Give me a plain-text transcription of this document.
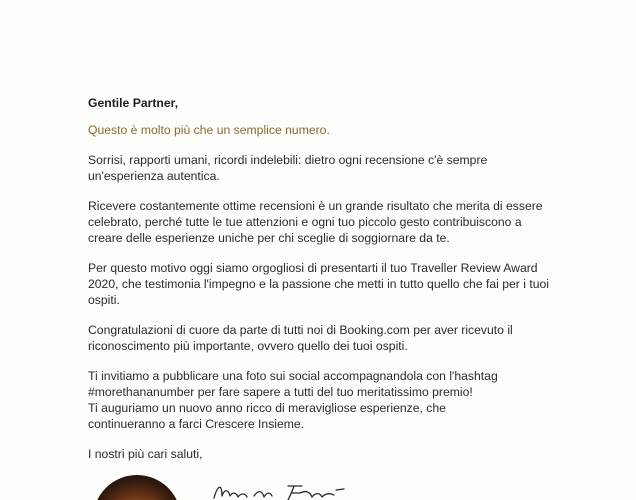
Gentile Partner,

Questo è molto più che un semplice numero.

Sorrisi, rapporti umani, ricordi indelebili: dietro ogni recensione c'è sempre un'esperienza autentica.

Ricevere costantemente ottime recensioni è un grande risultato che merita di essere celebrato, perché tutte le tue attenzioni e ogni tuo piccolo gesto contribuiscono a creare delle esperienze uniche per chi sceglie di soggiornare da te.

Per questo motivo oggi siamo orgogliosi di presentarti il tuo Traveller Review Award 2020, che testimonia l'impegno e la passione che metti in tutto quello che fai per i tuoi ospiti.

Congratulazioni di cuore da parte di tutti noi di Booking.com per aver ricevuto il riconoscimento più importante, ovvero quello dei tuoi ospiti.

Ti invitiamo a pubblicare una foto sui social accompagnandola con l'hashtag
#morethananumber per fare sapere a tutti del tuo meritatissimo premio!
Ti auguriamo un nuovo anno ricco di meravigliose esperienze, che
continueranno a farci Crescere Insieme.

I nostri più cari saluti,
